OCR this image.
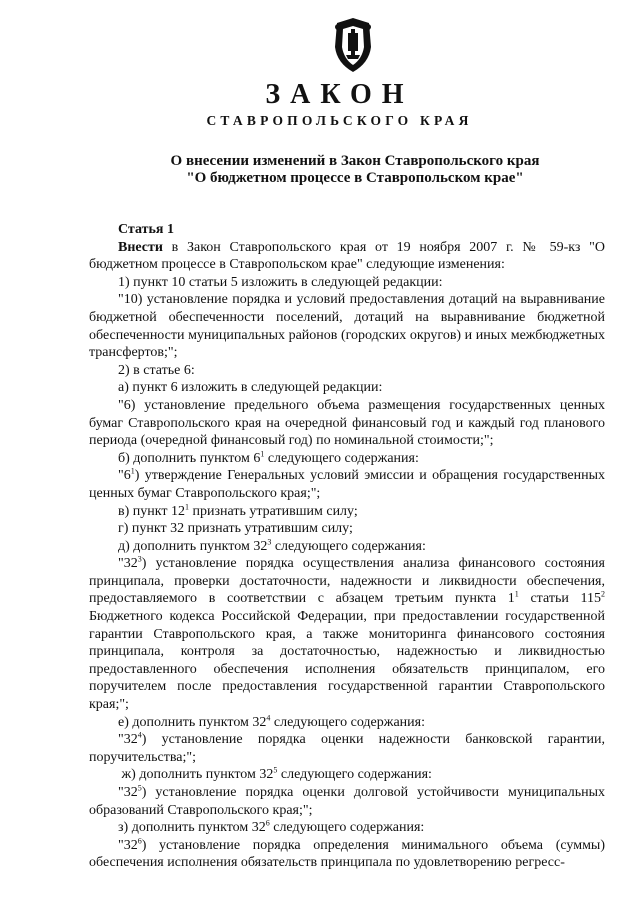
ЗАКОН
СТАВРОПОЛЬСКОГО КРАЯ
О внесении изменений в Закон Ставропольского края
"О бюджетном процессе в Ставропольском крае"

Статья 1

Внести в Закон Ставропольского края от 19 ноября 2007 г. № 59-кз "О бюджетном процессе в Ставропольском крае" следующие изменения:

1) пункт 10 статьи 5 изложить в следующей редакции:

"10) установление порядка и условий предоставления дотаций на выравнивание бюджетной обеспеченности поселений, дотаций на выравнивание бюджетной обеспеченности муниципальных районов (городских округов) и иных межбюджетных трансфертов;";

2) в статье 6:

а) пункт 6 изложить в следующей редакции:

"6) установление предельного объема размещения государственных ценных бумаг Ставропольского края на очередной финансовый год и каждый год планового периода (очередной финансовый год) по номинальной стоимости;";

б) дополнить пунктом $6^1$ следующего содержания:

"$6^1$) утверждение Генеральных условий эмиссии и обращения государственных ценных бумаг Ставропольского края;";

в) пункт $12^1$ признать утратившим силу;

г) пункт 32 признать утратившим силу;

д) дополнить пунктом $32^3$ следующего содержания:

"$32^3$) установление порядка осуществления анализа финансового состояния принципала, проверки достаточности, надежности и ликвидности обеспечения, предоставляемого в соответствии с абзацем третьим пункта $1^1$ статьи $115^2$ Бюджетного кодекса Российской Федерации, при предоставлении государственной гарантии Ставропольского края, а также мониторинга финансового состояния принципала, контроля за достаточностью, надежностью и ликвидностью предоставленного обеспечения исполнения обязательств принципалом, его поручителем после предоставления государственной гарантии Ставропольского края;";

е) дополнить пунктом $32^4$ следующего содержания:

"$32^4$) установление порядка оценки надежности банковской гарантии, поручительства;";

ж) дополнить пунктом $32^5$ следующего содержания:

"$32^5$) установление порядка оценки долговой устойчивости муниципальных образований Ставропольского края;";

з) дополнить пунктом $32^6$ следующего содержания:

"$32^6$) установление порядка определения минимального объема (суммы) обеспечения исполнения обязательств принципала по удовлетворению регресс-
